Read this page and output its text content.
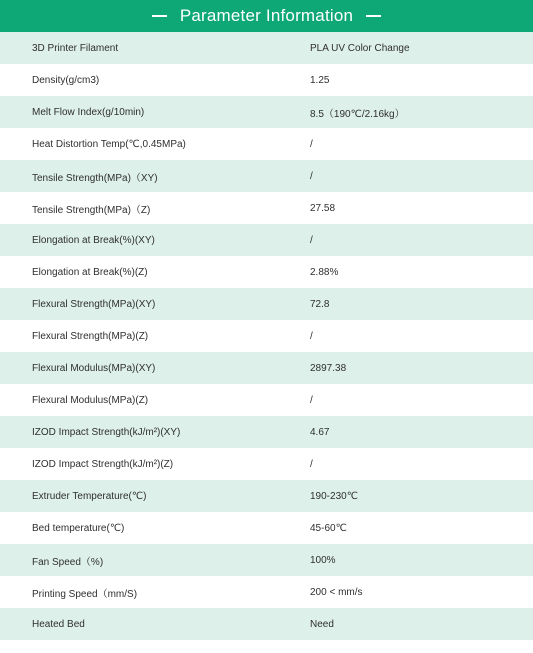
Parameter Information
3D Printer Filament	PLA UV Color Change
Density(g/cm3)	1.25
Melt Flow Index(g/10min)	8.5（190℃/2.16kg）
Heat Distortion Temp(℃,0.45MPa)	/
Tensile Strength(MPa)（XY)	/
Tensile Strength(MPa)（Z)	27.58
Elongation at Break(%)(XY)	/
Elongation at Break(%)(Z)	2.88%
Flexural Strength(MPa)(XY)	72.8
Flexural Strength(MPa)(Z)	/
Flexural Modulus(MPa)(XY)	2897.38
Flexural Modulus(MPa)(Z)	/
IZOD Impact Strength(kJ/m²)(XY)	4.67
IZOD Impact Strength(kJ/m²)(Z)	/
Extruder Temperature(℃)	190-230℃
Bed temperature(℃)	45-60℃
Fan Speed（%)	100%
Printing Speed（mm/S)	200 < mm/s
Heated Bed	Need
